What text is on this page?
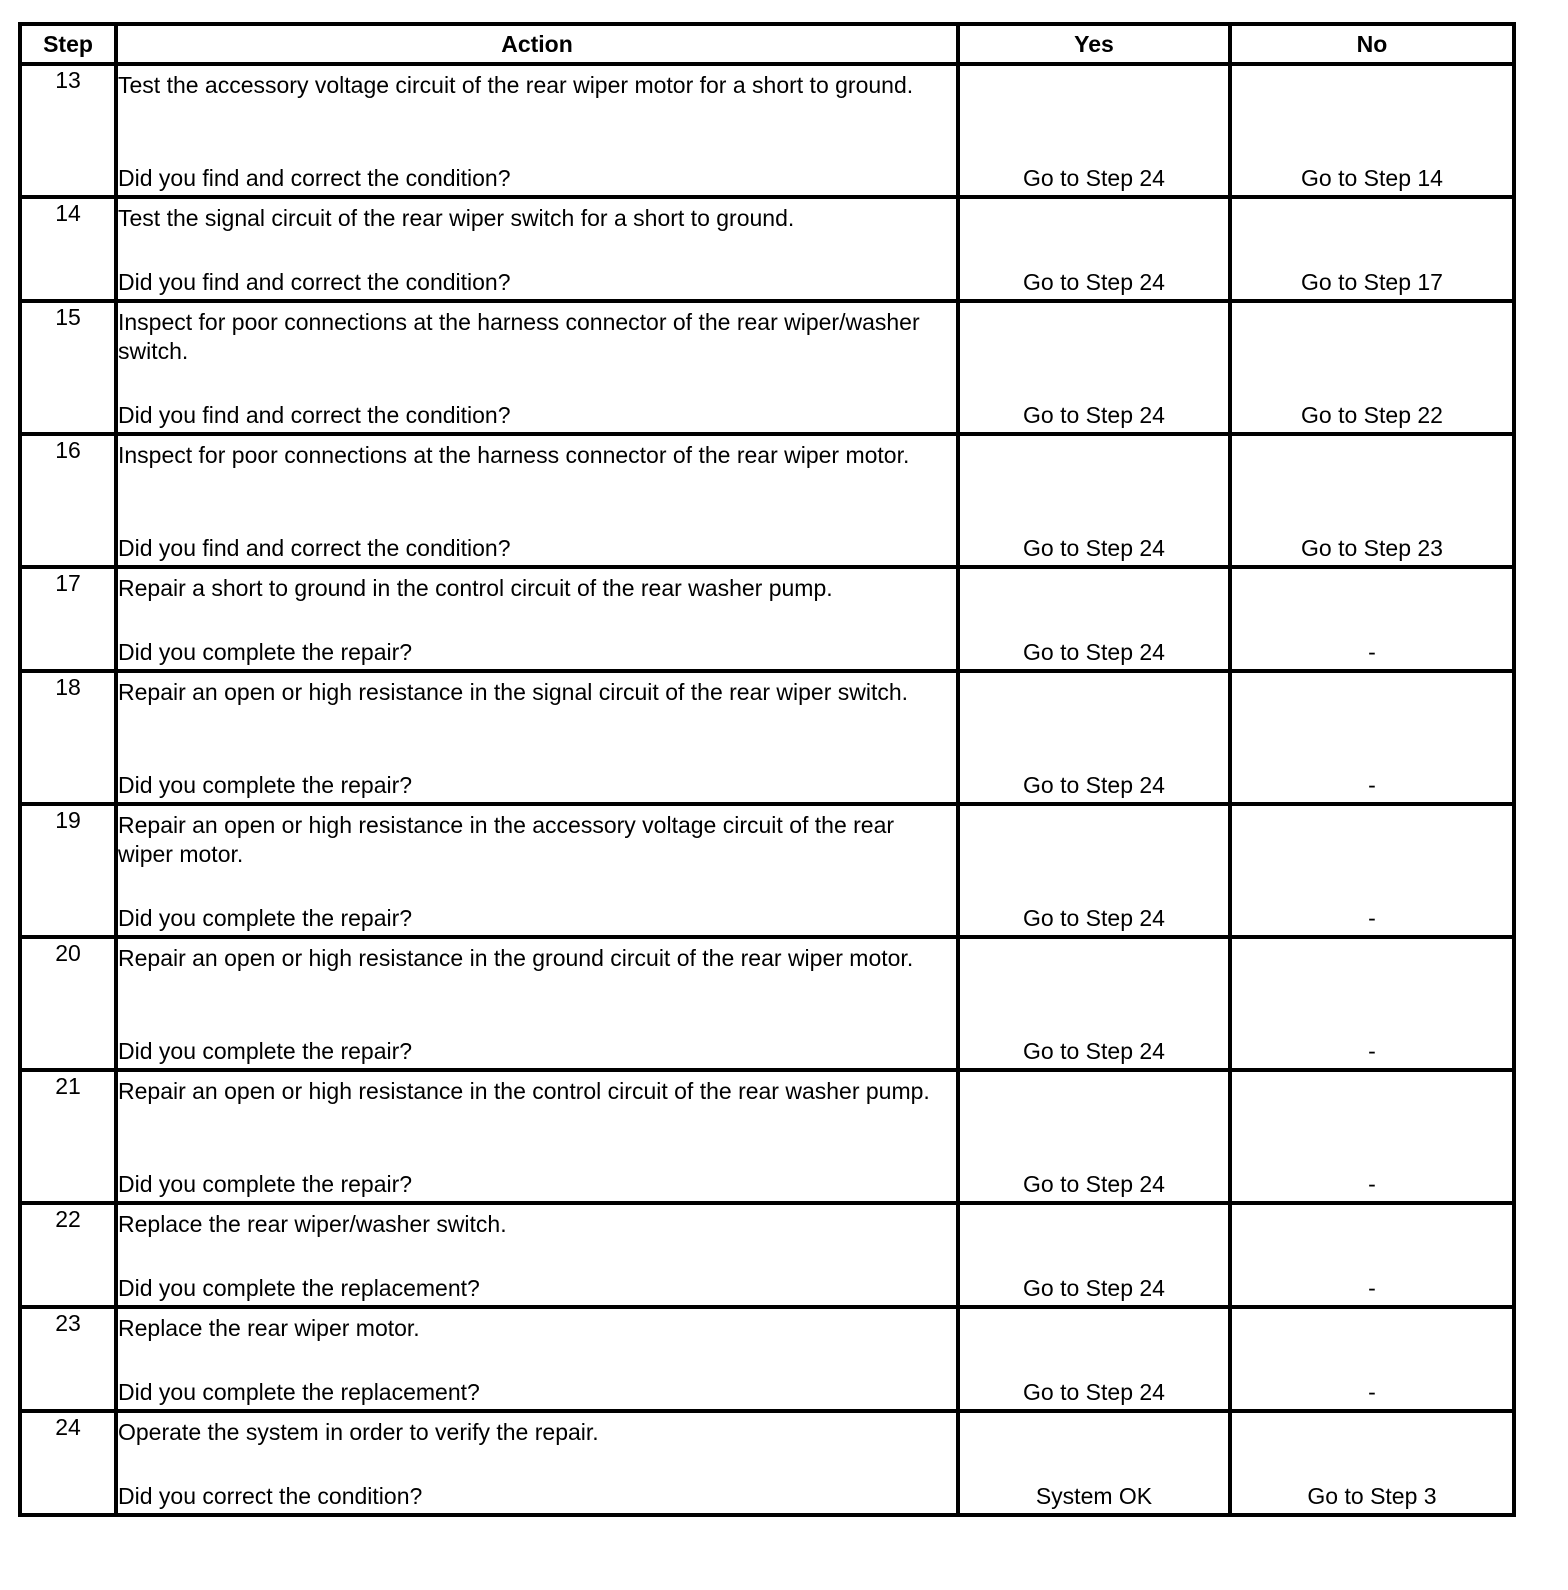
Step	Action	Yes	No
13	Test the accessory voltage circuit of the rear wiper motor for a short to ground.
Did you find and correct the condition?	Go to Step 24	Go to Step 14

14	Test the signal circuit of the rear wiper switch for a short to ground.
Did you find and correct the condition?	Go to Step 24	Go to Step 17

15	Inspect for poor connections at the harness connector of the rear wiper/washer switch.
Did you find and correct the condition?	Go to Step 24	Go to Step 22

16	Inspect for poor connections at the harness connector of the rear wiper motor.
Did you find and correct the condition?	Go to Step 24	Go to Step 23

17	Repair a short to ground in the control circuit of the rear washer pump.
Did you complete the repair?	Go to Step 24	-

18	Repair an open or high resistance in the signal circuit of the rear wiper switch.
Did you complete the repair?	Go to Step 24	-

19	Repair an open or high resistance in the accessory voltage circuit of the rear wiper motor.
Did you complete the repair?	Go to Step 24	-

20	Repair an open or high resistance in the ground circuit of the rear wiper motor.
Did you complete the repair?	Go to Step 24	-

21	Repair an open or high resistance in the control circuit of the rear washer pump.
Did you complete the repair?	Go to Step 24	-

22	Replace the rear wiper/washer switch.
Did you complete the replacement?	Go to Step 24	-

23	Replace the rear wiper motor.
Did you complete the replacement?	Go to Step 24	-

24	Operate the system in order to verify the repair.
Did you correct the condition?	System OK	Go to Step 3
